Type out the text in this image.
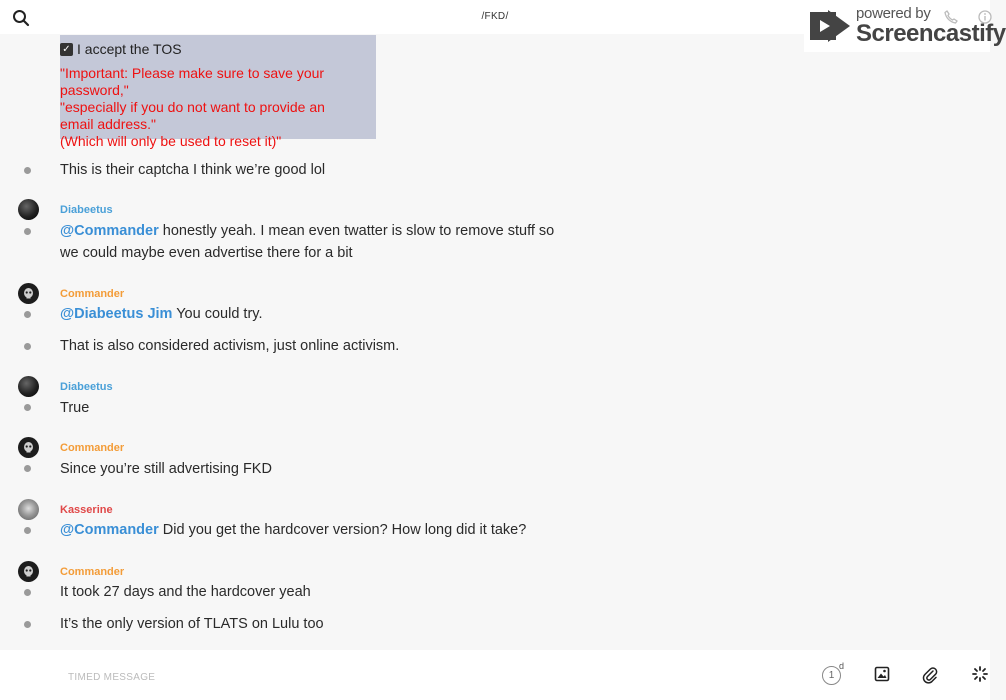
/FKD/	powered by
Screencastify
✓ I accept the TOS
"Important: Please make sure to save your password,"
"especially if you do not want to provide an email address."
(Which will only be used to reset it)"
This is their captcha I think we’re good lol
Diabeetus
@Commander honestly yeah. I mean even twatter is slow to remove stuff so we could maybe even advertise there for a bit
Commander
@Diabeetus Jim You could try.
That is also considered activism, just online activism.
Diabeetus
True
Commander
Since you’re still advertising FKD
Kasserine
@Commander Did you get the hardcover version? How long did it take?
Commander
It took 27 days and the hardcover yeah
It’s the only version of TLATS on Lulu too
TIMED MESSAGE
1
d
